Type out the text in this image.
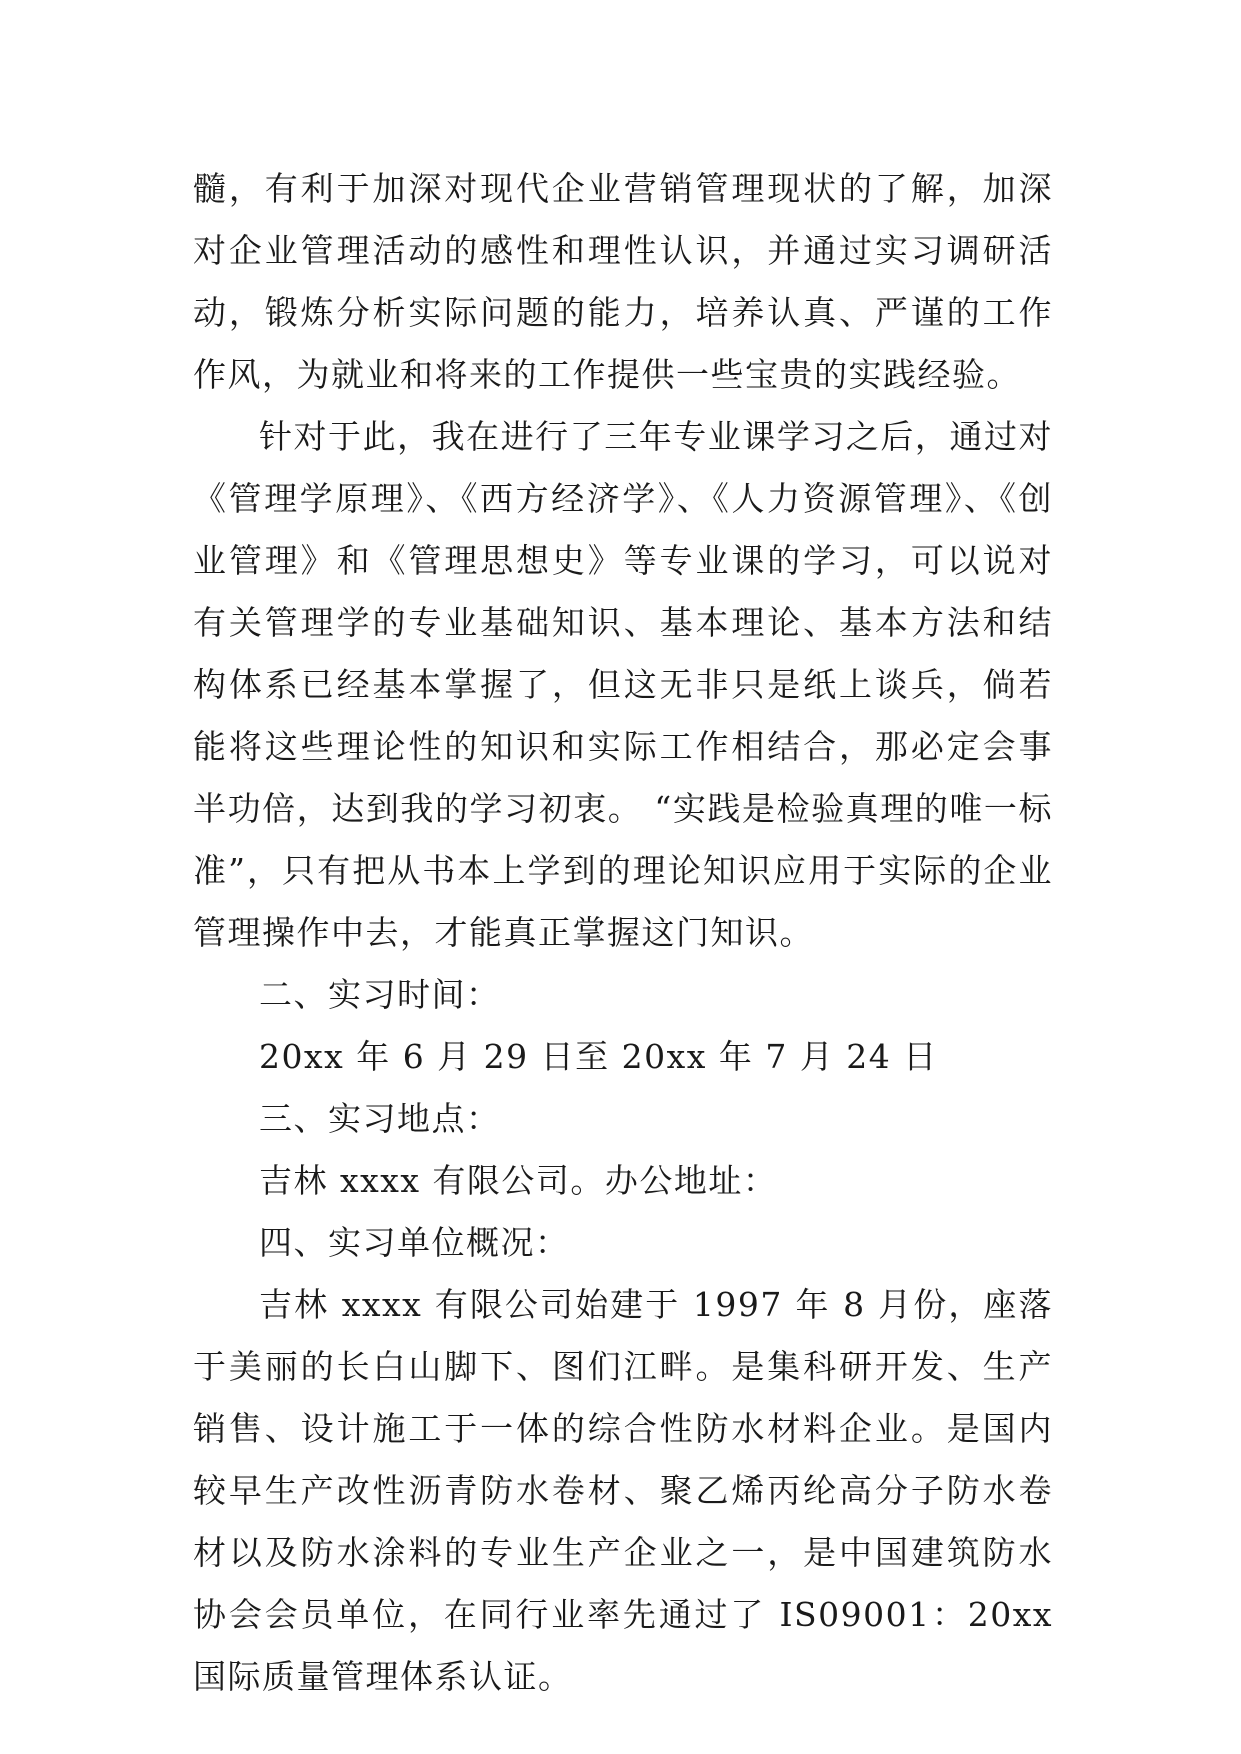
髓，有利于加深对现代企业营销管理现状的了解，加深对企业管理活动的感性和理性认识，并通过实习调研活动，锻炼分析实际问题的能力，培养认真、严谨的工作作风，为就业和将来的工作提供一些宝贵的实践经验。

针对于此，我在进行了三年专业课学习之后，通过对《管理学原理》、《西方经济学》、《人力资源管理》、《创业管理》和《管理思想史》等专业课的学习，可以说对有关管理学的专业基础知识、基本理论、基本方法和结构体系已经基本掌握了，但这无非只是纸上谈兵，倘若能将这些理论性的知识和实际工作相结合，那必定会事半功倍，达到我的学习初衷。 “实践是检验真理的唯一标准”，只有把从书本上学到的理论知识应用于实际的企业管理操作中去，才能真正掌握这门知识。

二、实习时间：

20xx 年 6 月 29 日至 20xx 年 7 月 24 日

三、实习地点：

吉林 xxxx 有限公司。办公地址：

四、实习单位概况：

吉林 xxxx 有限公司始建于 1997 年 8 月份，座落于美丽的长白山脚下、图们江畔。是集科研开发、生产销售、设计施工于一体的综合性防水材料企业。是国内较早生产改性沥青防水卷材、聚乙烯丙纶高分子防水卷材以及防水涂料的专业生产企业之一，是中国建筑防水协会会员单位，在同行业率先通过了 IS09001：20xx 国际质量管理体系认证。
